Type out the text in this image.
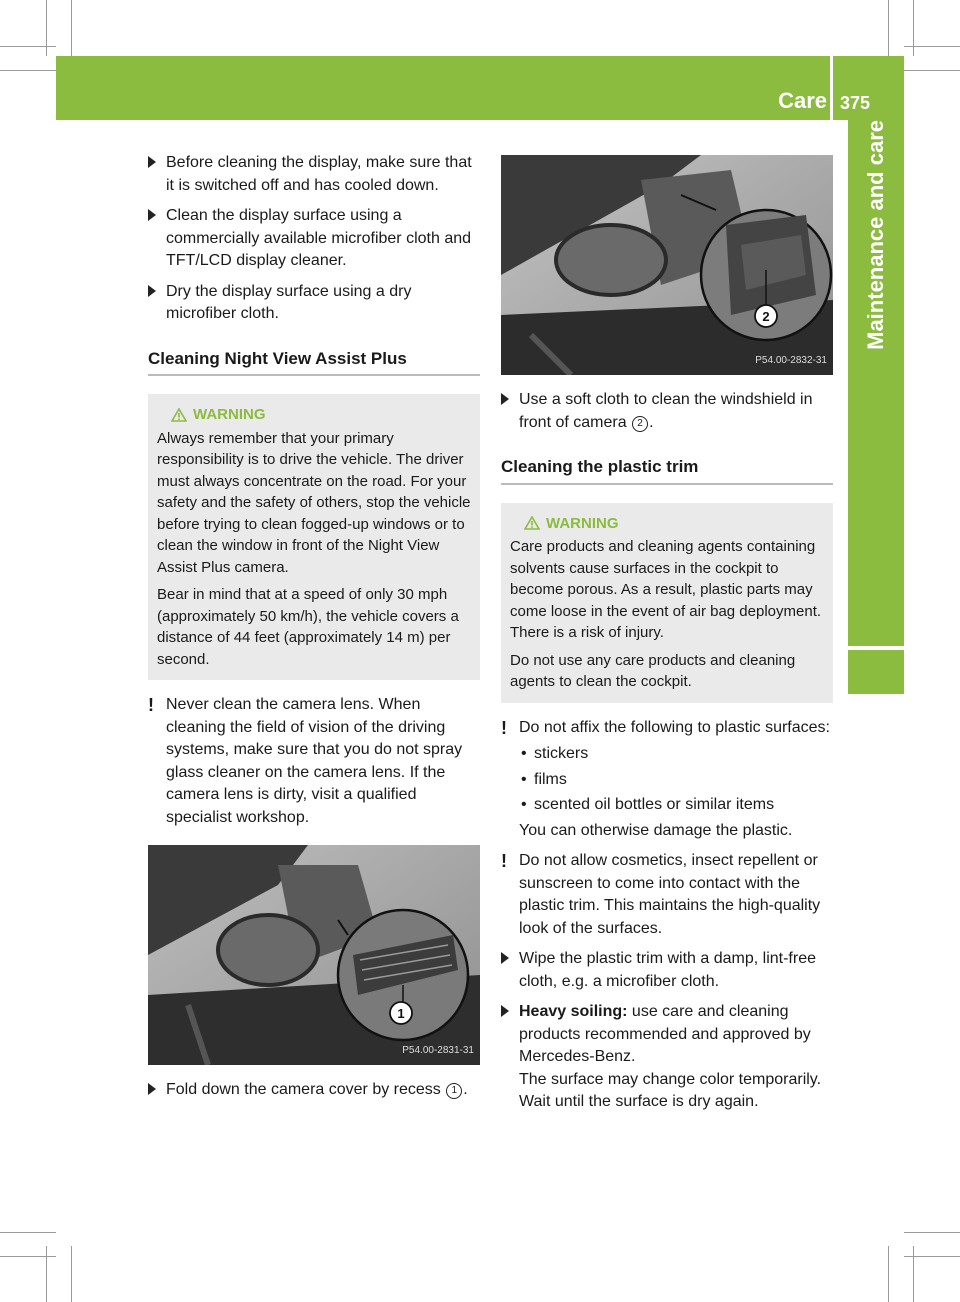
Care 375
Maintenance and care
Before cleaning the display, make sure that it is switched off and has cooled down.
Clean the display surface using a commercially available microfiber cloth and TFT/LCD display cleaner.
Dry the display surface using a dry microfiber cloth.
Cleaning Night View Assist Plus
WARNING

Always remember that your primary responsibility is to drive the vehicle. The driver must always concentrate on the road. For your safety and the safety of others, stop the vehicle before trying to clean fogged-up windows or to clean the window in front of the Night View Assist Plus camera.

Bear in mind that at a speed of only 30 mph (approximately 50 km/h), the vehicle covers a distance of 44 feet (approximately 14 m) per second.

! Never clean the camera lens. When cleaning the field of vision of the driving systems, make sure that you do not spray glass cleaner on the camera lens. If the camera lens is dirty, visit a qualified specialist workshop.
1
P54.00-2831-31
Fold down the camera cover by recess 1 .
2
P54.00-2832-31
Use a soft cloth to clean the windshield in front of camera 2 .
Cleaning the plastic trim
WARNING

Care products and cleaning agents containing solvents cause surfaces in the cockpit to become porous. As a result, plastic parts may come loose in the event of air bag deployment. There is a risk of injury.

Do not use any care products and cleaning agents to clean the cockpit.

! Do not affix the following to plastic surfaces:
• stickers
• films
• scented oil bottles or similar items
You can otherwise damage the plastic.
! Do not allow cosmetics, insect repellent or sunscreen to come into contact with the plastic trim. This maintains the high-quality look of the surfaces.
Wipe the plastic trim with a damp, lint-free cloth, e.g. a microfiber cloth.
Heavy soiling: use care and cleaning products recommended and approved by Mercedes-Benz.
The surface may change color temporarily. Wait until the surface is dry again.
